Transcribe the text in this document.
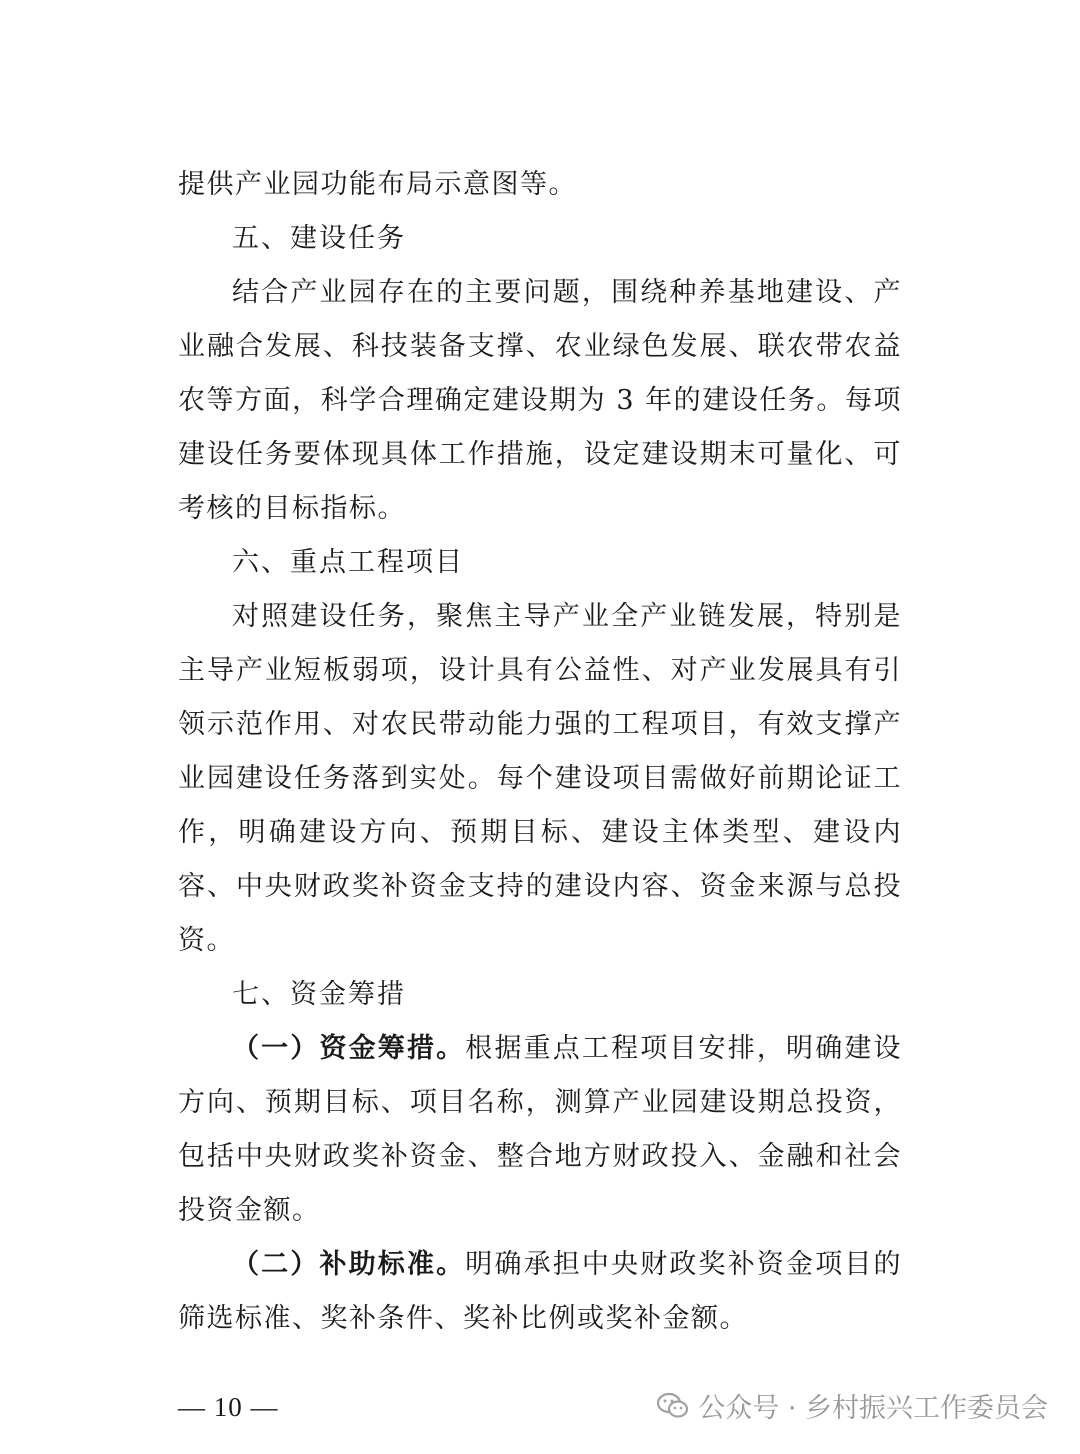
提供产业园功能布局示意图等。

五、建设任务

结合产业园存在的主要问题，围绕种养基地建设、产业融合发展、科技装备支撑、农业绿色发展、联农带农益农等方面，科学合理确定建设期为 3 年的建设任务。每项建设任务要体现具体工作措施，设定建设期末可量化、可考核的目标指标。

六、重点工程项目

对照建设任务，聚焦主导产业全产业链发展，特别是主导产业短板弱项，设计具有公益性、对产业发展具有引领示范作用、对农民带动能力强的工程项目，有效支撑产业园建设任务落到实处。每个建设项目需做好前期论证工作，明确建设方向、预期目标、建设主体类型、建设内容、中央财政奖补资金支持的建设内容、资金来源与总投资。

七、资金筹措

（一）资金筹措。根据重点工程项目安排，明确建设方向、预期目标、项目名称，测算产业园建设期总投资，包括中央财政奖补资金、整合地方财政投入、金融和社会投资金额。

（二）补助标准。明确承担中央财政奖补资金项目的筛选标准、奖补条件、奖补比例或奖补金额。

— 10 —	公众号 · 乡村振兴工作委员会
